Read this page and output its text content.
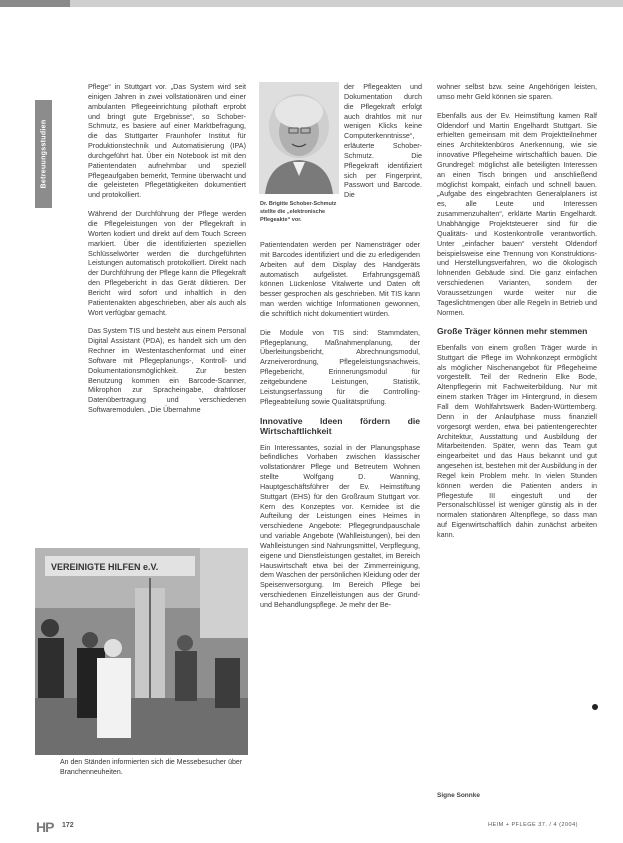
Betreuungsstudien

Pflege“ in Stuttgart vor. „Das System wird seit einigen Jahren in zwei vollstationären und einer ambulanten Pflegeeinrichtung pilothaft erprobt und bringt gute Ergebnisse“, so Schober-Schmutz, es basiere auf einer Marktbefragung, die das Stuttgarter Fraunhofer Institut für Produktionstechnik und Automatisierung (IPA) durchgeführt hat. Über ein Notebook ist mit den Patientendaten aufnehmbar und speziell Pflegeaufgaben bemerkt, Termine überwacht und die geleisteten Pflegetätigkeiten dokumentiert und protokolliert.

Während der Durchführung der Pflege werden die Pflegeleistungen von der Pflegekraft in Worten kodiert und direkt auf dem Touch Screen markiert. Über die identifizierten speziellen Schlüsselwörter werden die durchgeführten Leistungen automatisch protokolliert. Direkt nach der Durchführung der Pflege kann die Pflegekraft den Pflegebericht in das Gerät diktieren. Der Bericht wird sofort und inhaltlich in den Patientenakten abgeschrieben, aber als auch als Wort verfügbar gemacht.

Das System TIS und besteht aus einem Personal Digital Assistant (PDA), es handelt sich um den Rechner im Westentaschenformat und einer Software mit Pflegeplanungs-, Kontroll- und Dokumentationsmöglichkeit. Zur besten Benutzung kommen ein Barcode-Scanner, Mikrophon zur Spracheingabe, drahtloser Datenübertragung und verschiedenen Softwaremodulen. „Die Übernahme

Dr. Brigitte Schober-Schmutz stellte die „elektronische Pflegeakte“ vor.

der Pflegeakten und Dokumentation durch die Pflegekraft erfolgt auch drahtlos mit nur wenigen Klicks keine Computerkenntnisse“, erläuterte Schober-Schmutz. Die Pflegekraft identifiziert sich per Fingerprint, Passwort und Barcode. Die

Patientendaten werden per Namensträger oder mit Barcodes identifiziert und die zu erledigenden Arbeiten auf dem Display des Handgeräts automatisch aufgelistet. Erfahrungsgemäß können Lückenlose Vitalwerte und Daten oft besser gesprochen als geschrieben. Mit TIS kann man werden wichtige Informationen gewonnen, die schriftlich nicht dokumentiert würden.

Die Module von TIS sind: Stammdaten, Pflegeplanung, Maßnahmenplanung, der Überleitungsbericht, Abrechnungsmodul, Arzneiverordnung, Pflegeleistungsnachweis, Pflegebericht, Erinnerungsmodul für zeitgebundene Leistungen, Statistik, Leistungserfassung für die Controlling-Pflegeabteilung sowie Qualitätsprüfung.

Innovative Ideen fördern die Wirtschaftlichkeit

Ein Interessantes, sozial in der Planungsphase befindliches Vorhaben zwischen klassischer vollstationärer Pflege und Betreutem Wohnen stellte Wolfgang D. Wanning, Hauptgeschäftsführer der Ev. Heimstiftung Stuttgart (EHS) für den Großraum Stuttgart vor. Kern des Konzeptes vor. Kernidee ist die Aufteilung der Leistungen eines Heimes in verschiedene Angebote: Pflegegrundpauschale und variable Angebote (Wahlleistungen), bei den Wahlleistungen sind Nahrungsmittel, Verpflegung, eigene und Dienstleistungen gestaltet, im Bereich Hauswirtschaft etwa bei der Zimmerreinigung, dem Waschen der persönlichen Kleidung oder der Speisenversorgung. Im Bereich Pflege bei verschiedenen Einzelleistungen aus der Grund- und Behandlungspflege. Je mehr der Be-

wohner selbst bzw. seine Angehörigen leisten, umso mehr Geld können sie sparen.

Ebenfalls aus der Ev. Heimstiftung kamen Ralf Oldendorf und Martin Engelhardt Stuttgart. Sie erhielten gemeinsam mit dem Projektteilnehmer eines Architektenbüros Anerkennung, wie sie innovative Pflegeheime wirtschaftlich bauen. Die Grundregel: möglichst alle beteiligten Interessen an einen Tisch bringen und anschließend möglichst kompakt, einfach und schnell bauen. „Aufgabe des eingebrachten Generalplaners ist es, alle Leute und Interessen zusammenzuhalten“, erklärte Martin Engelhardt. Unabhängige Projektsteuerer sind für die Qualitäts- und Kostenkontrolle verantwortlich. Unter „einfacher bauen“ versteht Oldendorf beispielsweise eine Trennung von Konstruktions- und Herstellungsverfahren, wo die ökologisch lohnenden Gebäude sind. Die ganz einfachen verschiedenen Varianten, sondern der Voraussetzungen wurde weiter nur die Tageslichtmengen über alle Regeln in Betrieb und Normen.

Große Träger können mehr stemmen

Ebenfalls von einem großen Träger wurde in Stuttgart die Pflege im Wohnkonzept ermöglicht als möglicher Nischenangebot für Pflegeheime vorgestellt. Teil der Rednerin Elke Bode, Altenpflegerin mit Fachweiterbildung. Nur mit einem starken Träger im Hintergrund, in diesem Fall dem Wohlfahrtswerk Baden-Württemberg. Denn in der Anlaufphase muss finanziell vorgesorgt werden, etwa bei patientengerechter Architektur, Ausstattung und Ausbildung der Mitarbeitenden. Später, wenn das Team gut eingearbeitet und das Haus bekannt und gut angesehen ist, bestehen mit der Ausbildung in der Regel kein Problem mehr. In vielen Stunden können werden die Patienten anders in Pflegestufe III eingestuft und der Personalschlüssel ist weniger günstig als in der normalen stationären Altenpflege, so dass man auf Eigenwirtschaftlich dahin zunächst arbeiten kann.

VEREINIGTE HILFEN e.V.
An den Ständen informierten sich die Messebesucher über Branchenneuheiten.
Signe Sonnke
HP 172	HEIM + PFLEGE 37. / 4 (2004)
